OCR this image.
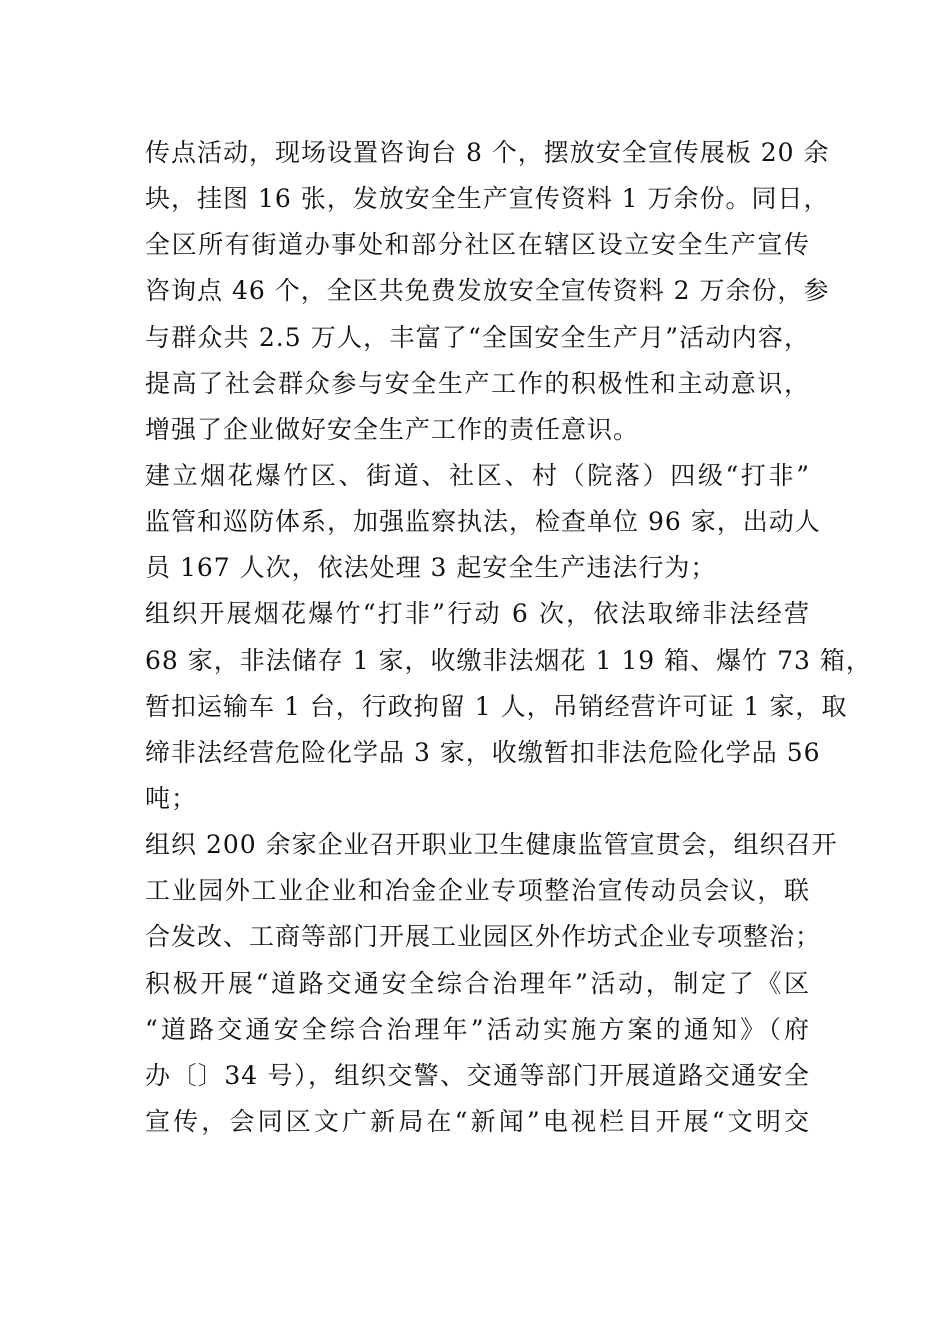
传点活动，现场设置咨询台 8 个，摆放安全宣传展板 20 余
块，挂图 16 张，发放安全生产宣传资料 1 万余份。同日，
全区所有街道办事处和部分社区在辖区设立安全生产宣传
咨询点 46 个，全区共免费发放安全宣传资料 2 万余份，参
与群众共 2.5 万人，丰富了“全国安全生产月”活动内容，
提高了社会群众参与安全生产工作的积极性和主动意识，
增强了企业做好安全生产工作的责任意识。
建立烟花爆竹区、街道、社区、村（院落）四级“打非”
监管和巡防体系，加强监察执法，检查单位 96 家，出动人
员 167 人次，依法处理 3 起安全生产违法行为；
组织开展烟花爆竹“打非”行动 6 次，依法取缔非法经营
68 家，非法储存 1 家，收缴非法烟花 1 19 箱、爆竹 73 箱，
暂扣运输车 1 台，行政拘留 1 人，吊销经营许可证 1 家，取
缔非法经营危险化学品 3 家，收缴暂扣非法危险化学品 56
吨；
组织 200 余家企业召开职业卫生健康监管宣贯会，组织召开
工业园外工业企业和冶金企业专项整治宣传动员会议，联
合发改、工商等部门开展工业园区外作坊式企业专项整治；
积极开展“道路交通安全综合治理年”活动，制定了《区
“道路交通安全综合治理年”活动实施方案的通知》（府
办〔〕34 号），组织交警、交通等部门开展道路交通安全
宣传，会同区文广新局在“新闻”电视栏目开展“文明交
